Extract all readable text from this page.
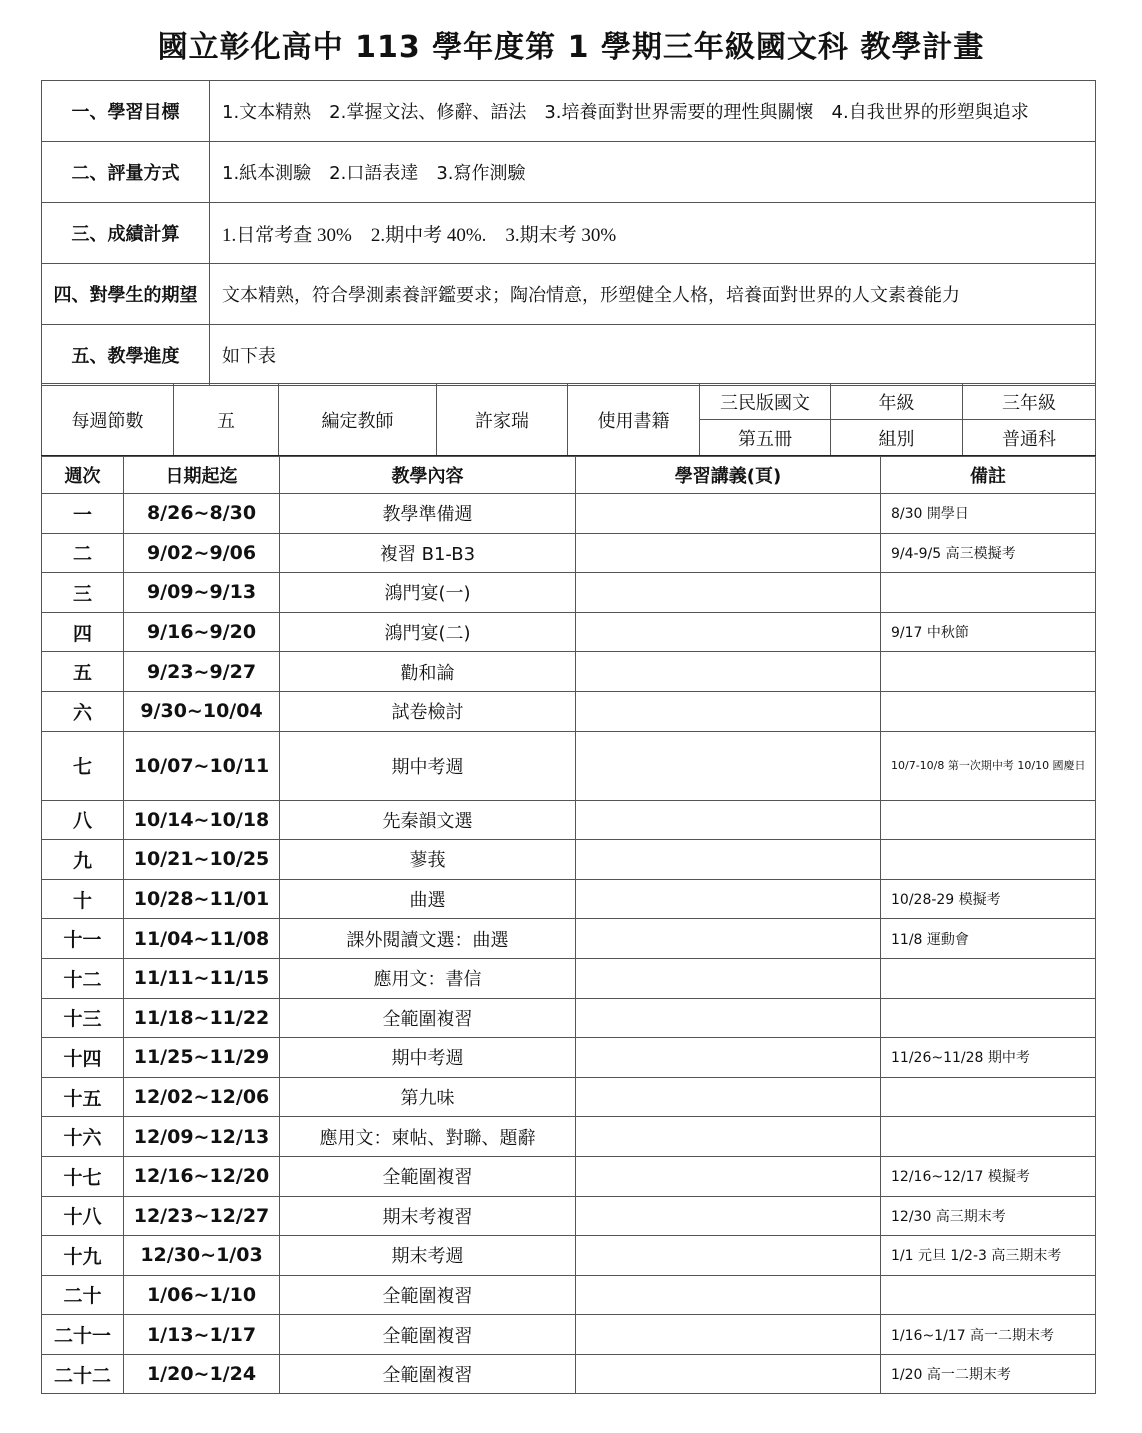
國立彰化高中 113 學年度第 1 學期三年級國文科 教學計畫
一、學習目標	1.文本精熟　2.掌握文法、修辭、語法　3.培養面對世界需要的理性與關懷　4.自我世界的形塑與追求
二、評量方式	1.紙本測驗　2.口語表達　3.寫作測驗
三、成績計算	1.日常考查 30%　2.期中考 40%.　3.期末考 30%
四、對學生的期望	文本精熟，符合學測素養評鑑要求；陶冶情意，形塑健全人格，培養面對世界的人文素養能力
五、教學進度	如下表
每週節數	五	編定教師	許家瑞	使用書籍	三民版國文	年級	三年級
					第五冊	組別	普通科
週次	日期起迄	教學內容	學習講義(頁)	備註
一	8/26~8/30	教學準備週		8/30 開學日
二	9/02~9/06	複習 B1-B3		9/4-9/5 高三模擬考
三	9/09~9/13	鴻門宴(一)		
四	9/16~9/20	鴻門宴(二)		9/17 中秋節
五	9/23~9/27	勸和論		
六	9/30~10/04	試卷檢討		
七	10/07~10/11	期中考週		10/7-10/8 第一次期中考 10/10 國慶日
八	10/14~10/18	先秦韻文選		
九	10/21~10/25	蓼莪		
十	10/28~11/01	曲選		10/28-29 模擬考
十一	11/04~11/08	課外閱讀文選：曲選		11/8 運動會
十二	11/11~11/15	應用文：書信		
十三	11/18~11/22	全範圍複習		
十四	11/25~11/29	期中考週		11/26~11/28 期中考
十五	12/02~12/06	第九味		
十六	12/09~12/13	應用文：柬帖、對聯、題辭		
十七	12/16~12/20	全範圍複習		12/16~12/17 模擬考
十八	12/23~12/27	期末考複習		12/30 高三期末考
十九	12/30~1/03	期末考週		1/1 元旦 1/2-3 高三期末考
二十	1/06~1/10	全範圍複習		
二十一	1/13~1/17	全範圍複習		1/16~1/17 高一二期末考
二十二	1/20~1/24	全範圍複習		1/20 高一二期末考
